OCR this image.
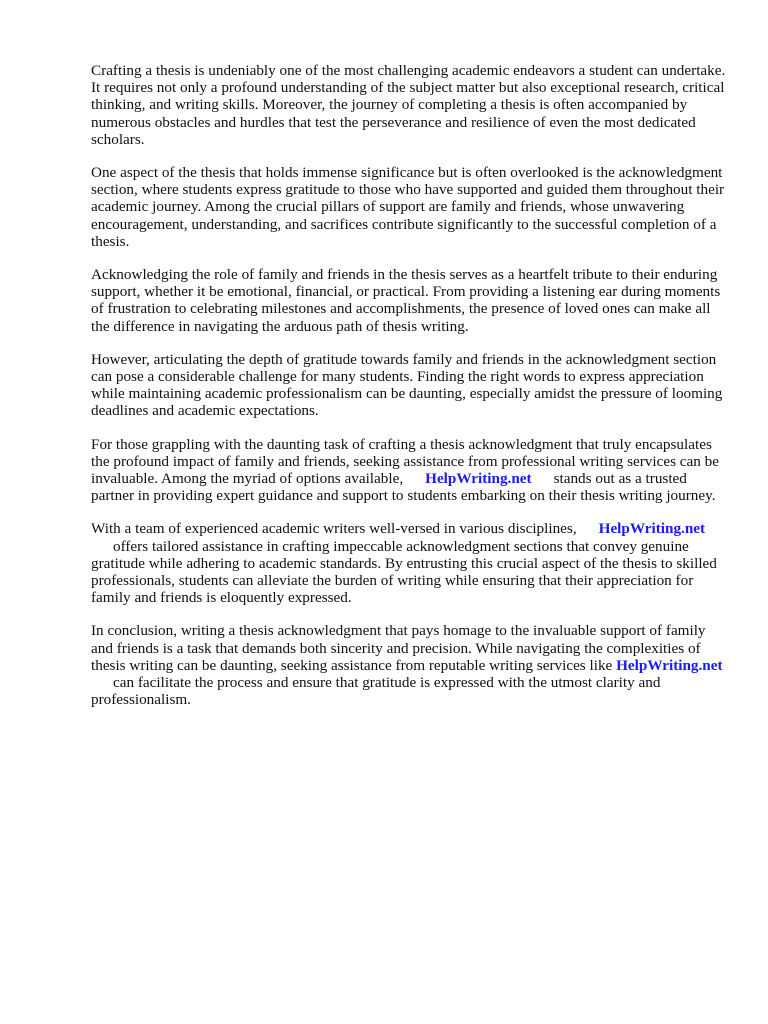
Crafting a thesis is undeniably one of the most challenging academic endeavors a student can undertake. It requires not only a profound understanding of the subject matter but also exceptional research, critical thinking, and writing skills. Moreover, the journey of completing a thesis is often accompanied by numerous obstacles and hurdles that test the perseverance and resilience of even the most dedicated scholars.

One aspect of the thesis that holds immense significance but is often overlooked is the acknowledgment section, where students express gratitude to those who have supported and guided them throughout their academic journey. Among the crucial pillars of support are family and friends, whose unwavering encouragement, understanding, and sacrifices contribute significantly to the successful completion of a thesis.

Acknowledging the role of family and friends in the thesis serves as a heartfelt tribute to their enduring support, whether it be emotional, financial, or practical. From providing a listening ear during moments of frustration to celebrating milestones and accomplishments, the presence of loved ones can make all the difference in navigating the arduous path of thesis writing.

However, articulating the depth of gratitude towards family and friends in the acknowledgment section can pose a considerable challenge for many students. Finding the right words to express appreciation while maintaining academic professionalism can be daunting, especially amidst the pressure of looming deadlines and academic expectations.

For those grappling with the daunting task of crafting a thesis acknowledgment that truly encapsulates the profound impact of family and friends, seeking assistance from professional writing services can be invaluable. Among the myriad of options available, HelpWriting.net stands out as a trusted partner in providing expert guidance and support to students embarking on their thesis writing journey.

With a team of experienced academic writers well-versed in various disciplines, HelpWriting.net
offers tailored assistance in crafting impeccable acknowledgment sections that convey genuine gratitude while adhering to academic standards. By entrusting this crucial aspect of the thesis to skilled professionals, students can alleviate the burden of writing while ensuring that their appreciation for family and friends is eloquently expressed.

In conclusion, writing a thesis acknowledgment that pays homage to the invaluable support of family and friends is a task that demands both sincerity and precision. While navigating the complexities of thesis writing can be daunting, seeking assistance from reputable writing services like HelpWriting.netcan facilitate the process and ensure that gratitude is expressed with the utmost clarity and professionalism.
